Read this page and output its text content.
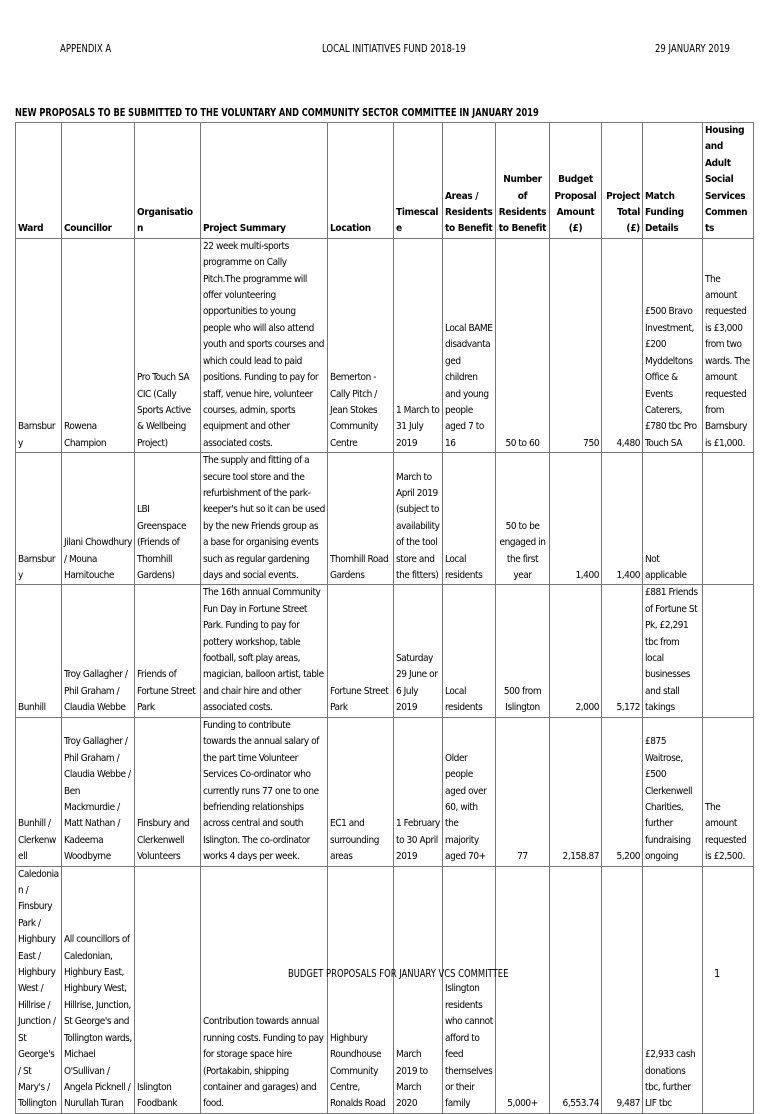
APPENDIX A	LOCAL INITIATIVES FUND 2018-19	29 JANUARY 2019
NEW PROPOSALS TO BE SUBMITTED TO THE VOLUNTARY AND COMMUNITY SECTOR COMMITTEE IN JANUARY 2019
Ward	Councillor	Organisation	Project Summary	Location	Timescale	Areas / Residents to Benefit	Number of Residents to Benefit	Budget Proposal Amount (£)	Project Total (£)	Match Funding Details	Housing and Adult Social Services Comments

Barnsbury	Rowena Champion	Pro Touch SA CIC (Cally Sports Active & Wellbeing Project)	22 week multi-sports programme on Cally Pitch.The programme will offer volunteering opportunities to young people who will also attend youth and sports courses and which could lead to paid positions. Funding to pay for staff, venue hire, volunteer courses, admin, sports equipment and other associated costs.	Bemerton - Cally Pitch / Jean Stokes Community Centre	1 March to 31 July 2019	Local BAME disadvantaged children and young people aged 7 to 16	50 to 60	750	4,480	£500 Bravo Investment, £200 Myddeltons Office & Events Caterers, £780 tbc Pro Touch SA	The amount requested is £3,000 from two wards. The amount requested from Barnsbury is £1,000.

Barnsbury	Jilani Chowdhury / Mouna Hamitouche	LBI Greenspace (Friends of Thornhill Gardens)	The supply and fitting of a secure tool store and the refurbishment of the park-keeper's hut so it can be used by the new Friends group as a base for organising events such as regular gardening days and social events.	Thornhill Road Gardens	March to April 2019 (subject to availability of the tool store and the fitters)	Local residents	50 to be engaged in the first year	1,400	1,400	Not applicable	

Bunhill	Troy Gallagher / Phil Graham / Claudia Webbe	Friends of Fortune Street Park	The 16th annual Community Fun Day in Fortune Street Park. Funding to pay for pottery workshop, table football, soft play areas, magician, balloon artist, table and chair hire and other associated costs.	Fortune Street Park	Saturday 29 June or 6 July 2019	Local residents	500 from Islington	2,000	5,172	£881 Friends of Fortune St Pk, £2,291 tbc from local businesses and stall takings	

Bunhill / Clerkenwell	Troy Gallagher / Phil Graham / Claudia Webbe / Ben Mackmurdie / Matt Nathan / Kadeema Woodbyrne	Finsbury and Clerkenwell Volunteers	Funding to contribute towards the annual salary of the part time Volunteer Services Co-ordinator who currently runs 77 one to one befriending relationships across central and south Islington. The co-ordinator works 4 days per week.	EC1 and surrounding areas	1 February to 30 April 2019	Older people aged over 60, with the majority aged 70+	77	2,158.87	5,200	£875 Waitrose, £500 Clerkenwell Charities, further fundraising ongoing	The amount requested is £2,500.

Caledonian / Finsbury Park / Highbury East / Highbury West / Hillrise / Junction / St George's / St Mary's / Tollington	All councillors of Caledonian, Highbury East, Highbury West, Hillrise, Junction, St George's and Tollington wards, Michael O'Sullivan / Angela Picknell / Nurullah Turan	Islington Foodbank	Contribution towards annual running costs. Funding to pay for storage space hire (Portakabin, shipping container and garages) and food.	Highbury Roundhouse Community Centre, Ronalds Road	March 2019 to March 2020	Islington residents who cannot afford to feed themselves or their family	5,000+	6,553.74	9,487	£2,933 cash donations tbc, further LIF tbc	

BUDGET PROPOSALS FOR JANUARY VCS COMMITTEE	1
